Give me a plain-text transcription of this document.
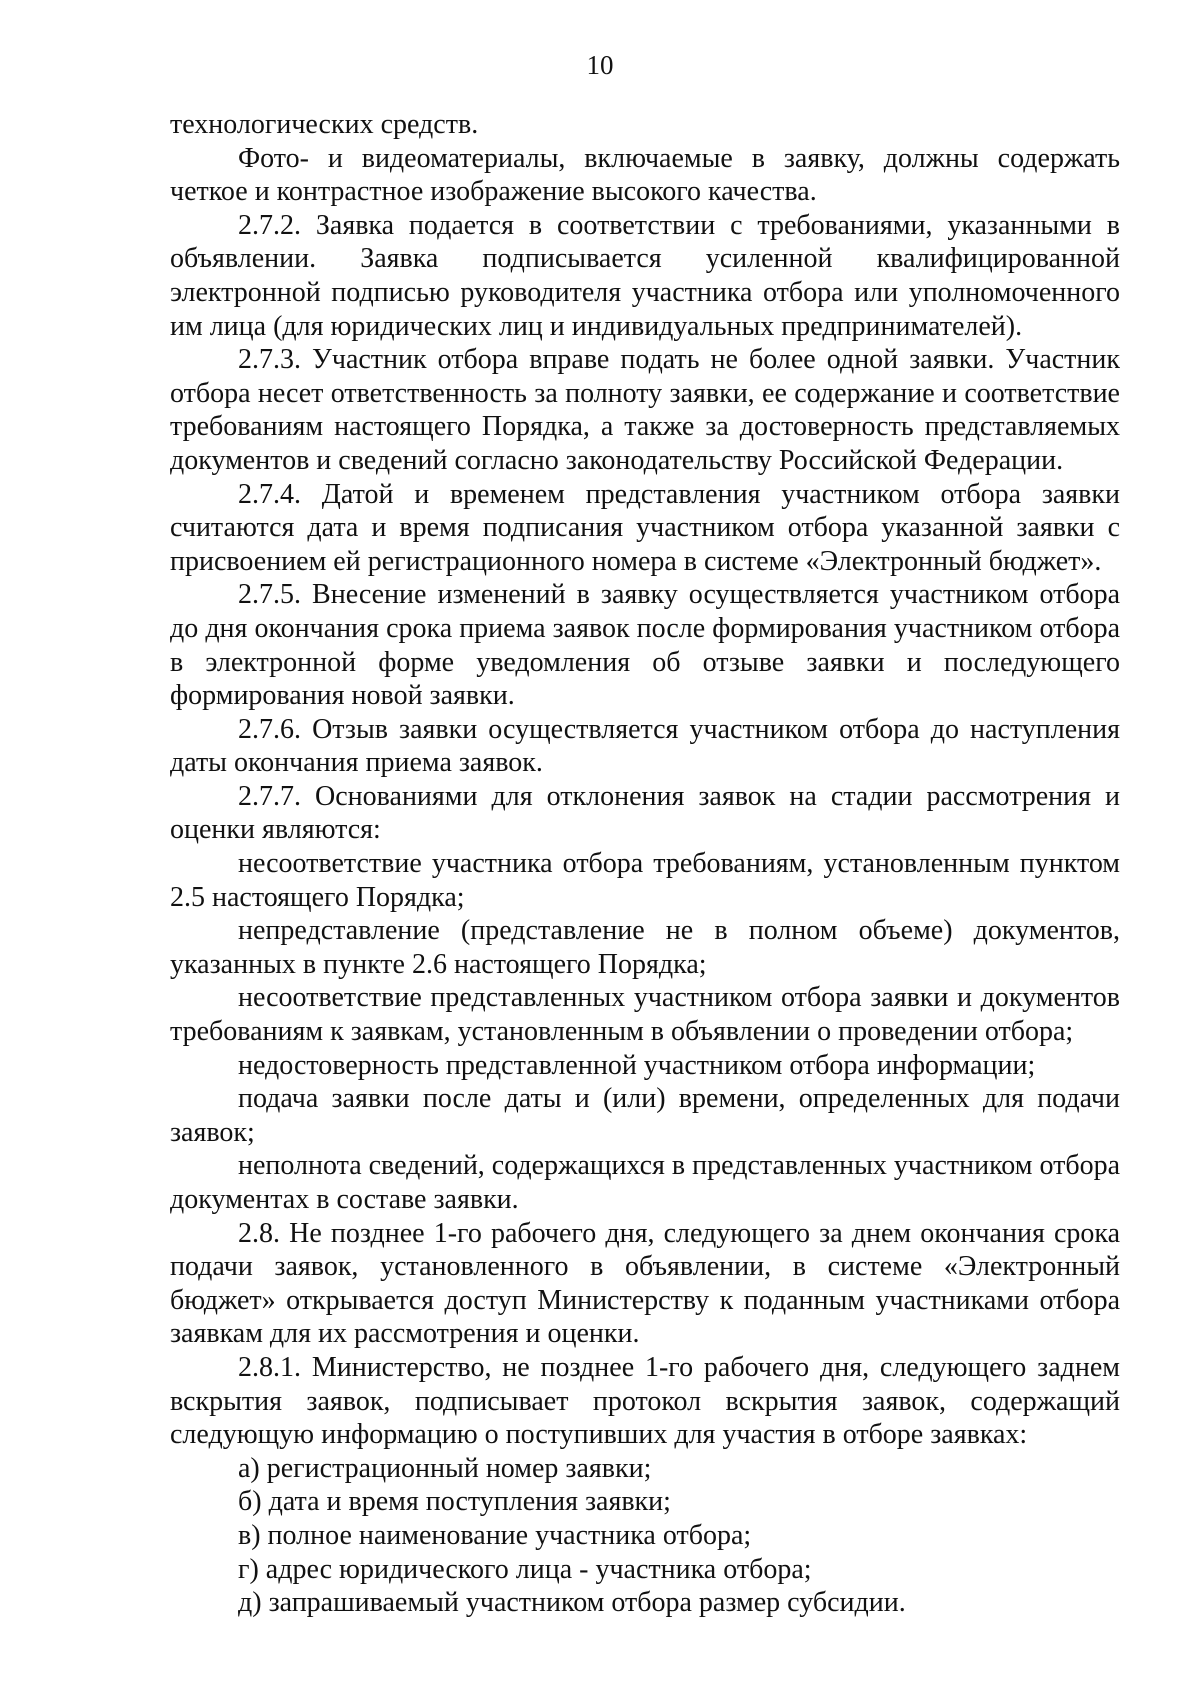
10

технологических средств.

Фото- и видеоматериалы, включаемые в заявку, должны содержать четкое и контрастное изображение высокого качества.

2.7.2. Заявка подается в соответствии с требованиями, указанными в объявлении. Заявка подписывается усиленной квалифицированной электронной подписью руководителя участника отбора или уполномоченного им лица (для юридических лиц и индивидуальных предпринимателей).

2.7.3. Участник отбора вправе подать не более одной заявки. Участник отбора несет ответственность за полноту заявки, ее содержание и соответствие требованиям настоящего Порядка, а также за достоверность представляемых документов и сведений согласно законодательству Российской Федерации.

2.7.4. Датой и временем представления участником отбора заявки считаются дата и время подписания участником отбора указанной заявки с присвоением ей регистрационного номера в системе «Электронный бюджет».

2.7.5. Внесение изменений в заявку осуществляется участником отбора до дня окончания срока приема заявок после формирования участником отбора в электронной форме уведомления об отзыве заявки и последующего формирования новой заявки.

2.7.6. Отзыв заявки осуществляется участником отбора до наступления даты окончания приема заявок.

2.7.7. Основаниями для отклонения заявок на стадии рассмотрения и оценки являются:

несоответствие участника отбора требованиям, установленным пунктом 2.5 настоящего Порядка;

непредставление (представление не в полном объеме) документов, указанных в пункте 2.6 настоящего Порядка;

несоответствие представленных участником отбора заявки и документов требованиям к заявкам, установленным в объявлении о проведении отбора;

недостоверность представленной участником отбора информации;

подача заявки после даты и (или) времени, определенных для подачи заявок;

неполнота сведений, содержащихся в представленных участником отбора документах в составе заявки.

2.8. Не позднее 1-го рабочего дня, следующего за днем окончания срока подачи заявок, установленного в объявлении, в системе «Электронный бюджет» открывается доступ Министерству к поданным участниками отбора заявкам для их рассмотрения и оценки.

2.8.1. Министерство, не позднее 1-го рабочего дня, следующего заднем вскрытия заявок, подписывает протокол вскрытия заявок, содержащий следующую информацию о поступивших для участия в отборе заявках:

а) регистрационный номер заявки;

б) дата и время поступления заявки;

в) полное наименование участника отбора;

г) адрес юридического лица - участника отбора;

д) запрашиваемый участником отбора размер субсидии.
